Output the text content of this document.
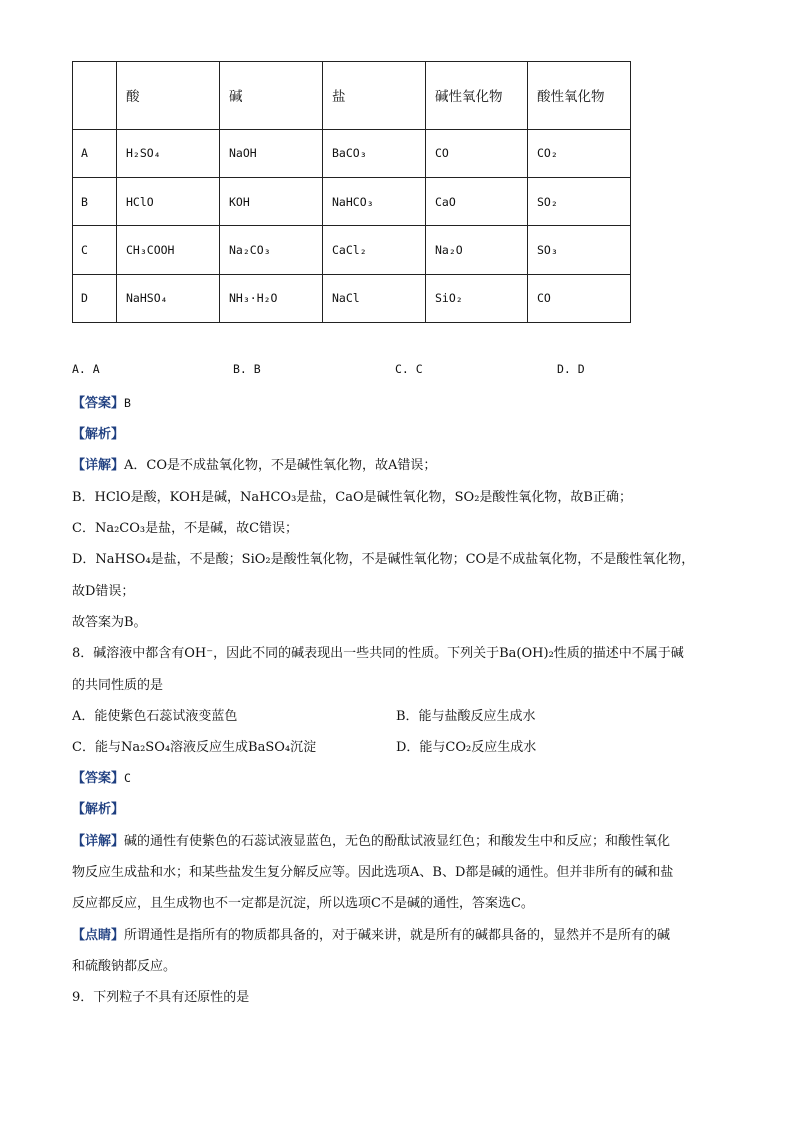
	酸	碱	盐	碱性氧化物	酸性氧化物
A	H₂SO₄	NaOH	BaCO₃	CO	CO₂
B	HClO	KOH	NaHCO₃	CaO	SO₂
C	CH₃COOH	Na₂CO₃	CaCl₂	Na₂O	SO₃
D	NaHSO₄	NH₃·H₂O	NaCl	SiO₂	CO
A. A	B. B	C. C	D. D
【答案】B
【解析】
【详解】A．CO是不成盐氧化物，不是碱性氧化物，故A错误；
B．HClO是酸，KOH是碱，NaHCO₃是盐，CaO是碱性氧化物，SO₂是酸性氧化物，故B正确；
C．Na₂CO₃是盐，不是碱，故C错误；
D．NaHSO₄是盐，不是酸；SiO₂是酸性氧化物，不是碱性氧化物；CO是不成盐氧化物，不是酸性氧化物，
故D错误；
故答案为B。
8．碱溶液中都含有OH⁻，因此不同的碱表现出一些共同的性质。下列关于Ba(OH)₂性质的描述中不属于碱
的共同性质的是
A．能使紫色石蕊试液变蓝色	B．能与盐酸反应生成水
C．能与Na₂SO₄溶液反应生成BaSO₄沉淀	D．能与CO₂反应生成水
【答案】C
【解析】
【详解】碱的通性有使紫色的石蕊试液显蓝色，无色的酚酞试液显红色；和酸发生中和反应；和酸性氧化
物反应生成盐和水；和某些盐发生复分解反应等。因此选项A、B、D都是碱的通性。但并非所有的碱和盐
反应都反应，且生成物也不一定都是沉淀，所以选项C不是碱的通性，答案选C。
【点睛】所谓通性是指所有的物质都具备的，对于碱来讲，就是所有的碱都具备的，显然并不是所有的碱
和硫酸钠都反应。
9．下列粒子不具有还原性的是
